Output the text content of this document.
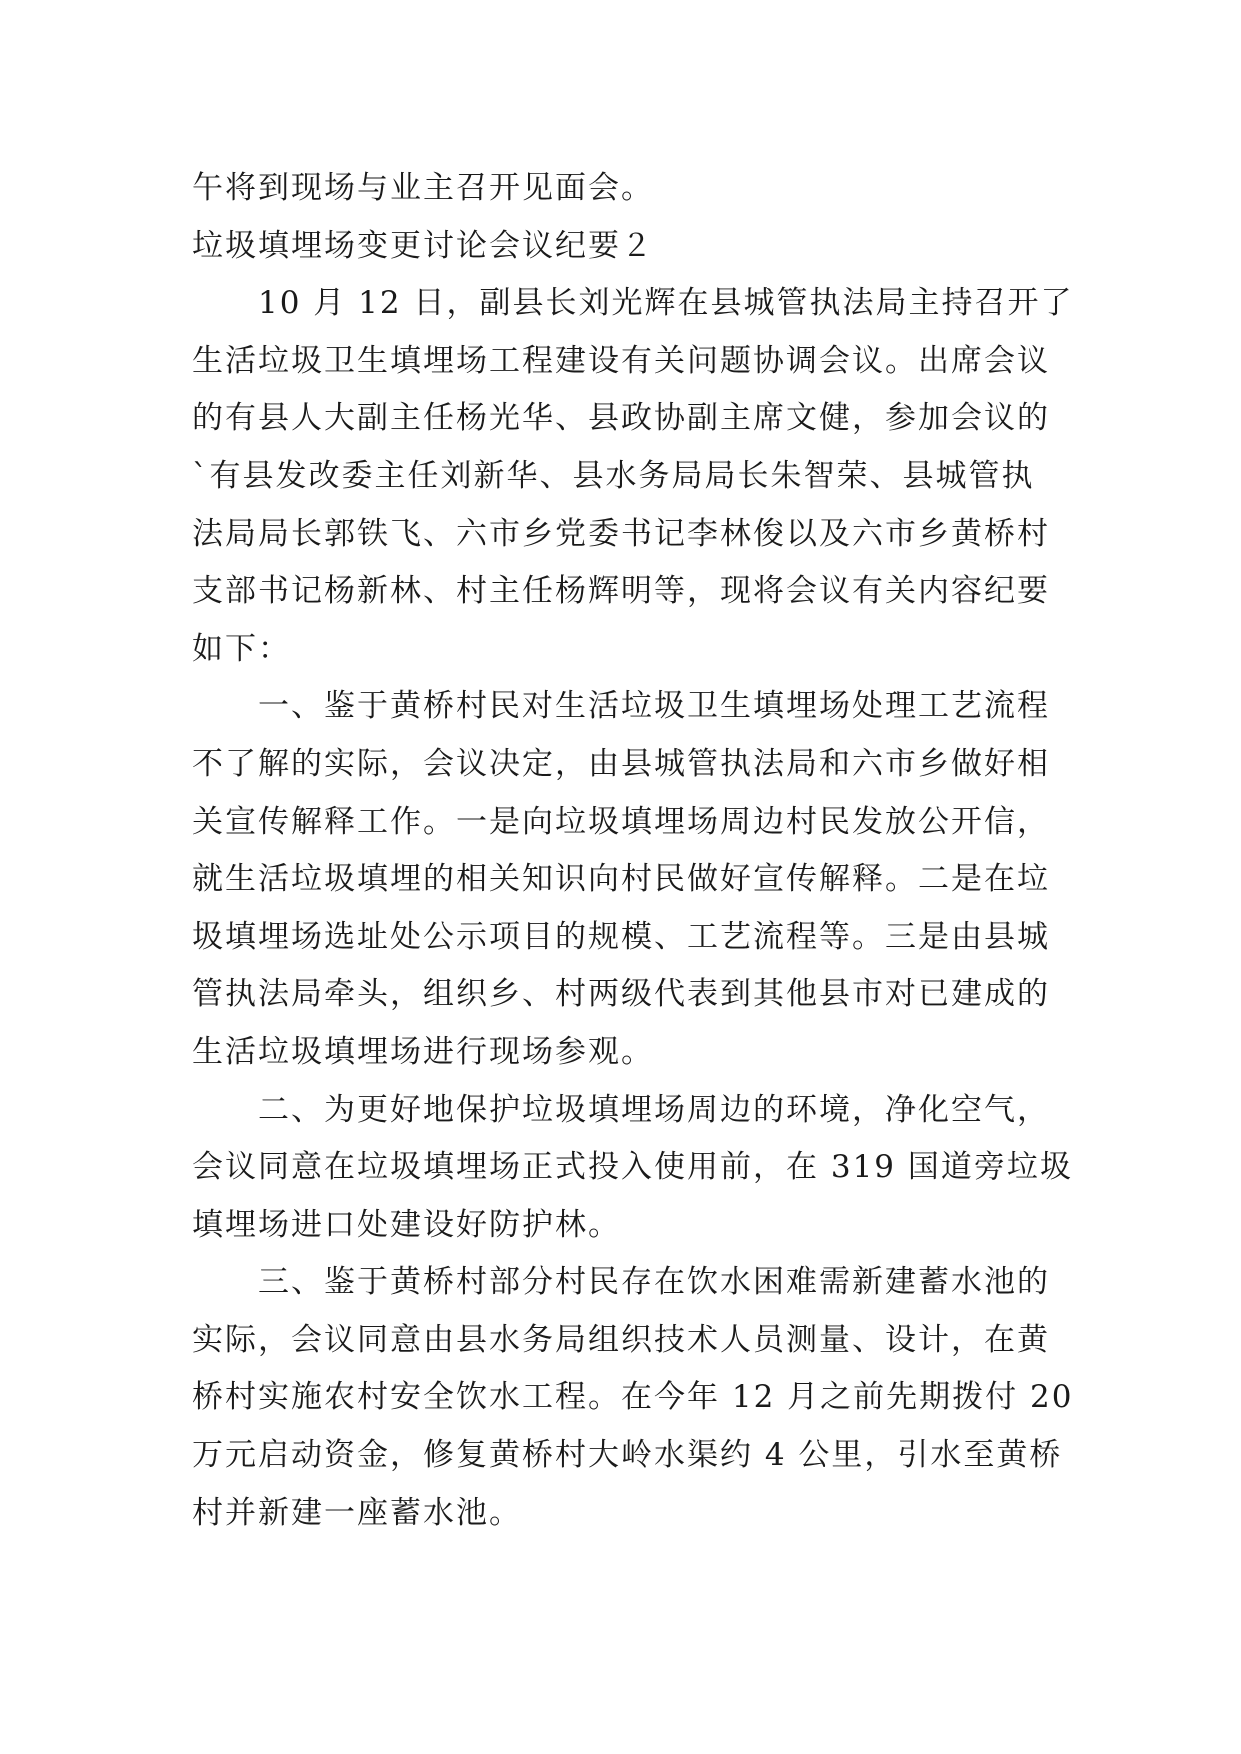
午将到现场与业主召开见面会。

垃圾填埋场变更讨论会议纪要２

　　10 月 12 日，副县长刘光辉在县城管执法局主持召开了

生活垃圾卫生填埋场工程建设有关问题协调会议。出席会议

的有县人大副主任杨光华、县政协副主席文健，参加会议的

`有县发改委主任刘新华、县水务局局长朱智荣、县城管执

法局局长郭铁飞、六市乡党委书记李林俊以及六市乡黄桥村

支部书记杨新林、村主任杨辉明等，现将会议有关内容纪要

如下：

　　一、鉴于黄桥村民对生活垃圾卫生填埋场处理工艺流程

不了解的实际，会议决定，由县城管执法局和六市乡做好相

关宣传解释工作。一是向垃圾填埋场周边村民发放公开信，

就生活垃圾填埋的相关知识向村民做好宣传解释。二是在垃

圾填埋场选址处公示项目的规模、工艺流程等。三是由县城

管执法局牵头，组织乡、村两级代表到其他县市对已建成的

生活垃圾填埋场进行现场参观。

　　二、为更好地保护垃圾填埋场周边的环境，净化空气，

会议同意在垃圾填埋场正式投入使用前，在 319 国道旁垃圾

填埋场进口处建设好防护林。

　　三、鉴于黄桥村部分村民存在饮水困难需新建蓄水池的

实际，会议同意由县水务局组织技术人员测量、设计，在黄

桥村实施农村安全饮水工程。在今年 12 月之前先期拨付 20

万元启动资金，修复黄桥村大岭水渠约 4 公里，引水至黄桥

村并新建一座蓄水池。
